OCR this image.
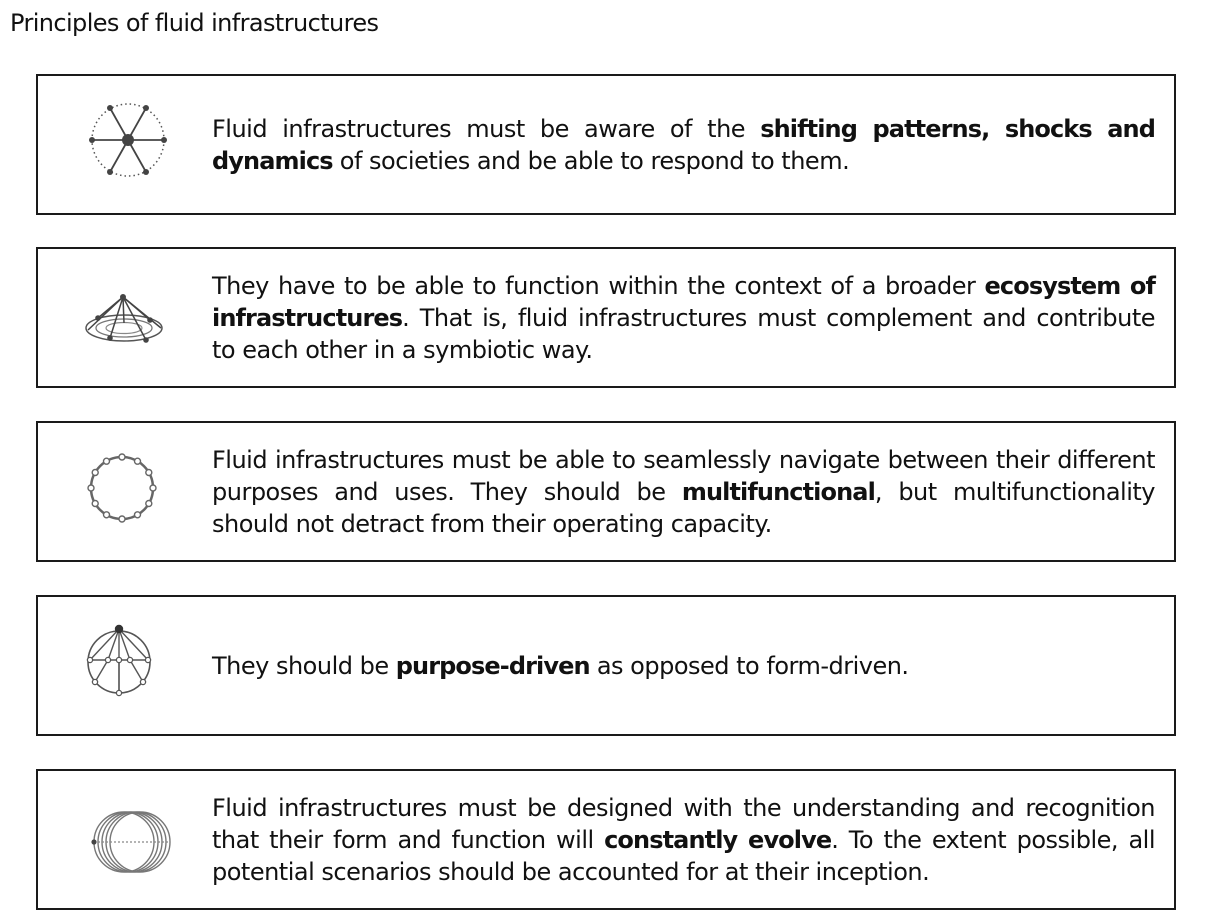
Principles of fluid infrastructures

Fluid infrastructures must be aware of the shifting patterns, shocks and dynamics of societies and be able to respond to them.

They have to be able to function within the context of a broader ecosystem of infrastructures. That is, fluid infrastructures must complement and contribute to each other in a symbiotic way.

Fluid infrastructures must be able to seamlessly navigate between their different purposes and uses. They should be multifunctional, but multifunctionality should not detract from their operating capacity.

They should be purpose-driven as opposed to form-driven.

Fluid infrastructures must be designed with the understanding and recognition that their form and function will constantly evolve. To the extent possible, all potential scenarios should be accounted for at their inception.
